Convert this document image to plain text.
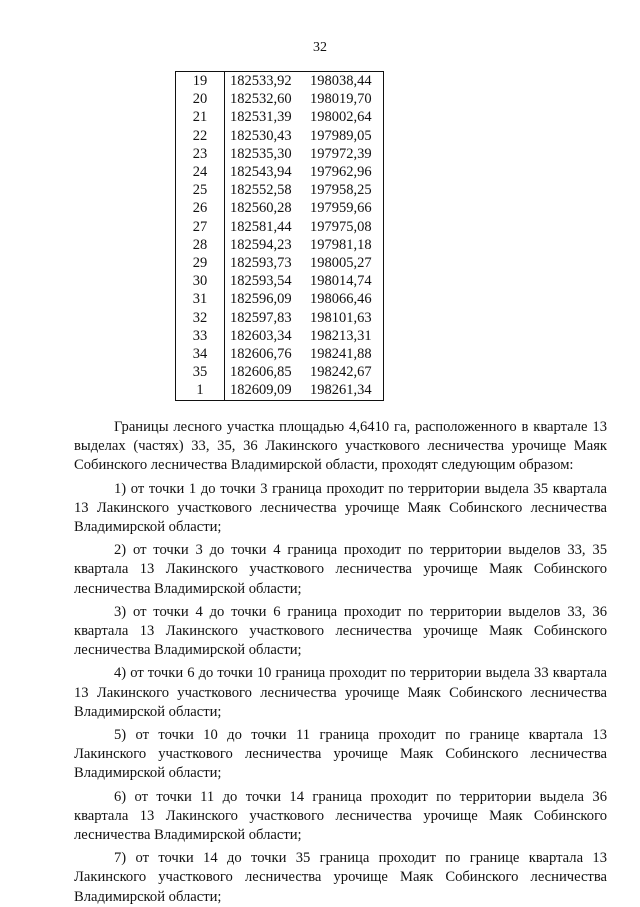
32
19	182533,92	198038,44
20	182532,60	198019,70
21	182531,39	198002,64
22	182530,43	197989,05
23	182535,30	197972,39
24	182543,94	197962,96
25	182552,58	197958,25
26	182560,28	197959,66
27	182581,44	197975,08
28	182594,23	197981,18
29	182593,73	198005,27
30	182593,54	198014,74
31	182596,09	198066,46
32	182597,83	198101,63
33	182603,34	198213,31
34	182606,76	198241,88
35	182606,85	198242,67
1	182609,09	198261,34

Границы лесного участка площадью 4,6410 га, расположенного в квартале 13 выделах (частях) 33, 35, 36 Лакинского участкового лесничества урочище Маяк Собинского лесничества Владимирской области, проходят следующим образом:

1) от точки 1 до точки 3 граница проходит по территории выдела 35 квартала 13 Лакинского участкового лесничества урочище Маяк Собинского лесничества Владимирской области;

2) от точки 3 до точки 4 граница проходит по территории выделов 33, 35 квартала 13 Лакинского участкового лесничества урочище Маяк Собинского лесничества Владимирской области;

3) от точки 4 до точки 6 граница проходит по территории выделов 33, 36 квартала 13 Лакинского участкового лесничества урочище Маяк Собинского лесничества Владимирской области;

4) от точки 6 до точки 10 граница проходит по территории выдела 33 квартала 13 Лакинского участкового лесничества урочище Маяк Собинского лесничества Владимирской области;

5) от точки 10 до точки 11 граница проходит по границе квартала 13 Лакинского участкового лесничества урочище Маяк Собинского лесничества Владимирской области;

6) от точки 11 до точки 14 граница проходит по территории выдела 36 квартала 13 Лакинского участкового лесничества урочище Маяк Собинского лесничества Владимирской области;

7) от точки 14 до точки 35 граница проходит по границе квартала 13 Лакинского участкового лесничества урочище Маяк Собинского лесничества Владимирской области;
